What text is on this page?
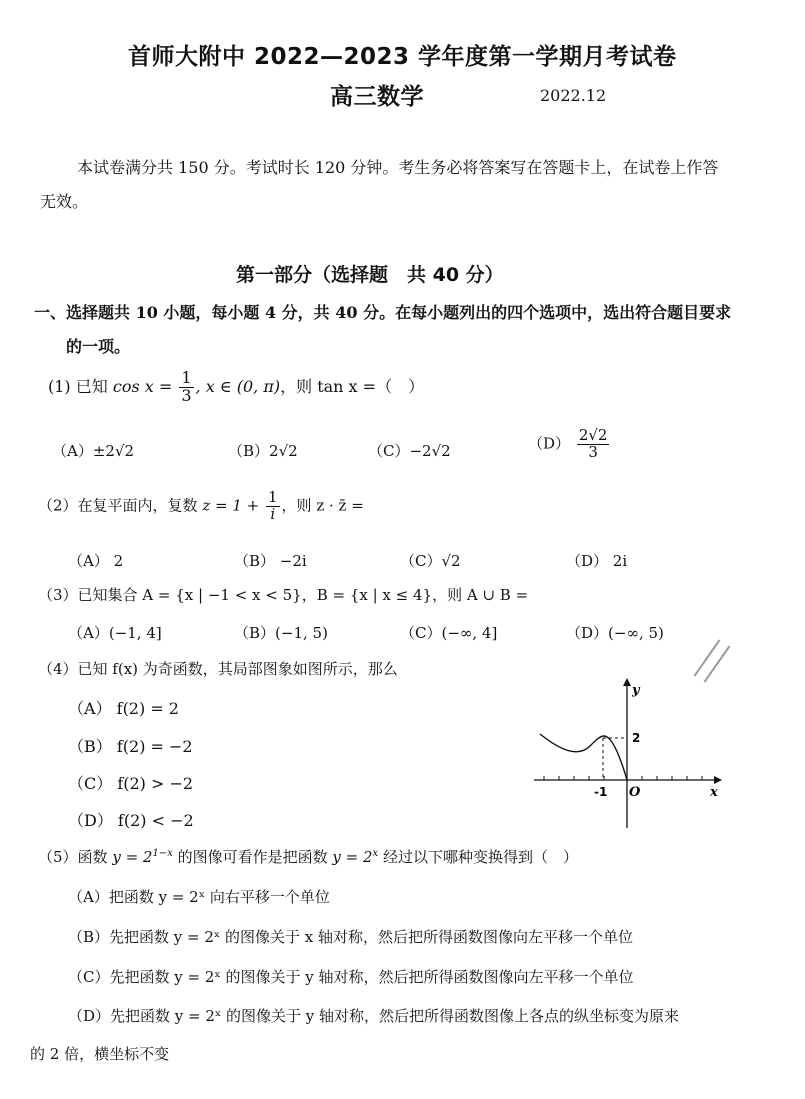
首师大附中 2022—2023 学年度第一学期月考试卷
高三数学	2022.12
本试卷满分共 150 分。考试时长 120 分钟。考生务必将答案写在答题卡上，在试卷上作答
无效。
第一部分（选择题　共 40 分）
一、选择题共 10 小题，每小题 4 分，共 40 分。在每小题列出的四个选项中，选出符合题目要求
的一项。
(1) 已知 $\cos x = \frac{1}{3}$ , x ∈ (0, π)，则 tan x =（　）
（A）±2√2	（B）2√2	（C）−2√2	$(D) \frac{2√2}{3}$
（2）在复平面内，复数 $z = 1 + \frac{1}{i}$ ，则 z · z̄ =
（A） 2	（B） −2i	（C）√2	（D） 2i
（3）已知集合 A = {x | −1 < x < 5}，B = {x | x ≤ 4}，则 A ∪ B =
（A）(−1, 4]	（B）(−1, 5)	（C）(−∞, 4]	（D）(−∞, 5)
（4）已知 f(x) 为奇函数，其局部图象如图所示，那么
（A） f(2) = 2
（B） f(2) = −2
（C） f(2) > −2
（D） f(2) < −2
y
x
O
-1
2
（5）函数 $y = 2^{1-x}$ 的图像可看作是把函数 $y = 2^x$ 经过以下哪种变换得到（　）
（A）把函数 y = 2ˣ 向右平移一个单位
（B）先把函数 y = 2ˣ 的图像关于 x 轴对称，然后把所得函数图像向左平移一个单位
（C）先把函数 y = 2ˣ 的图像关于 y 轴对称，然后把所得函数图像向左平移一个单位
（D）先把函数 y = 2ˣ 的图像关于 y 轴对称，然后把所得函数图像上各点的纵坐标变为原来
的 2 倍，横坐标不变
